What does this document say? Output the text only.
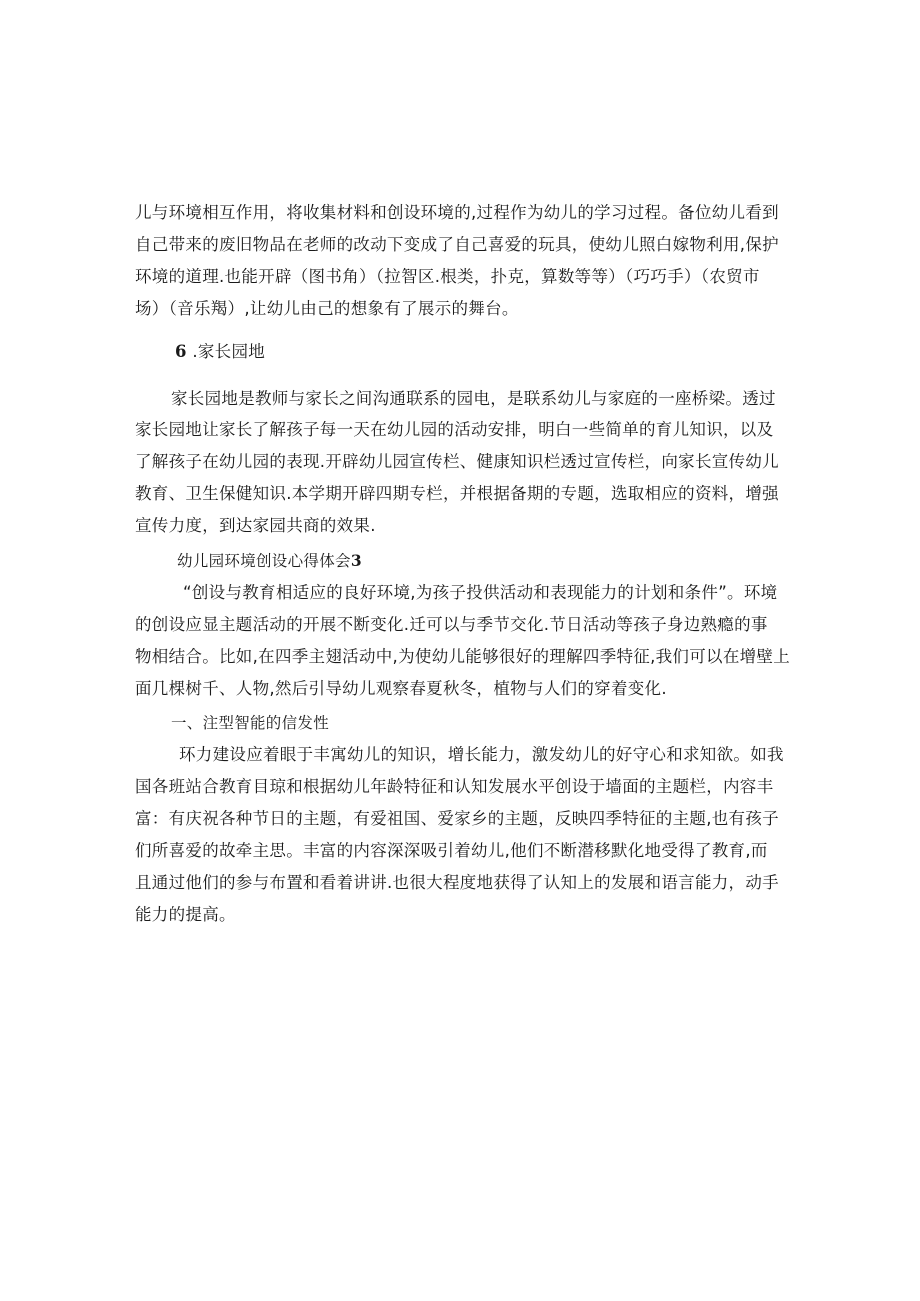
儿与环境相互作用，将收集材料和创设环境的,过程作为幼儿的学习过程。备位幼儿看到
自己带来的废旧物品在老师的改动下变成了自己喜爱的玩具，使幼儿照白嫁物利用,保护
环境的道理.也能开辟（图书角）（拉智区.根类，扑克，算数等等）（巧巧手）（农贸市
场）（音乐羯）,让幼儿由己的想象有了展示的舞台。
6 .家长园地
家长园地是教师与家长之间沟通联系的园电，是联系幼儿与家庭的一座桥梁。透过
家长园地让家长了解孩子每一天在幼儿园的活动安排，明白一些简单的育儿知识，以及
了解孩子在幼儿园的表现.开辟幼儿园宣传栏、健康知识栏透过宣传栏，向家长宣传幼儿
教育、卫生保健知识.本学期开辟四期专栏，并根据备期的专题，选取相应的资料，增强
宣传力度，到达家园共商的效果.
幼儿园环境创设心得体会3
“创设与教育相适应的良好环境,为孩子投供活动和表现能力的计划和条件”。环境
的创设应显主题活动的开展不断变化.迁可以与季节交化.节日活动等孩子身边熟瘾的事
物相结合。比如,在四季主翅活动中,为使幼儿能够很好的理解四季特征,我们可以在增壁上
面几棵树千、人物,然后引导幼儿观察春夏秋冬，植物与人们的穿着变化.
一、注型智能的信发性
环力建设应着眼于丰寓幼儿的知识，增长能力，激发幼儿的好守心和求知欲。如我
国各班站合教育目琼和根据幼儿年龄特征和认知发展水平创设于墙面的主题栏，内容丰
富：有庆祝各种节日的主题，有爱祖国、爱家乡的主题，反映四季特征的主题,也有孩子
们所喜爱的故牵主思。丰富的内容深深吸引着幼儿,他们不断潜移默化地受得了教育,而
且通过他们的参与布置和看着讲讲.也很大程度地获得了认知上的发展和语言能力，动手
能力的提高。
